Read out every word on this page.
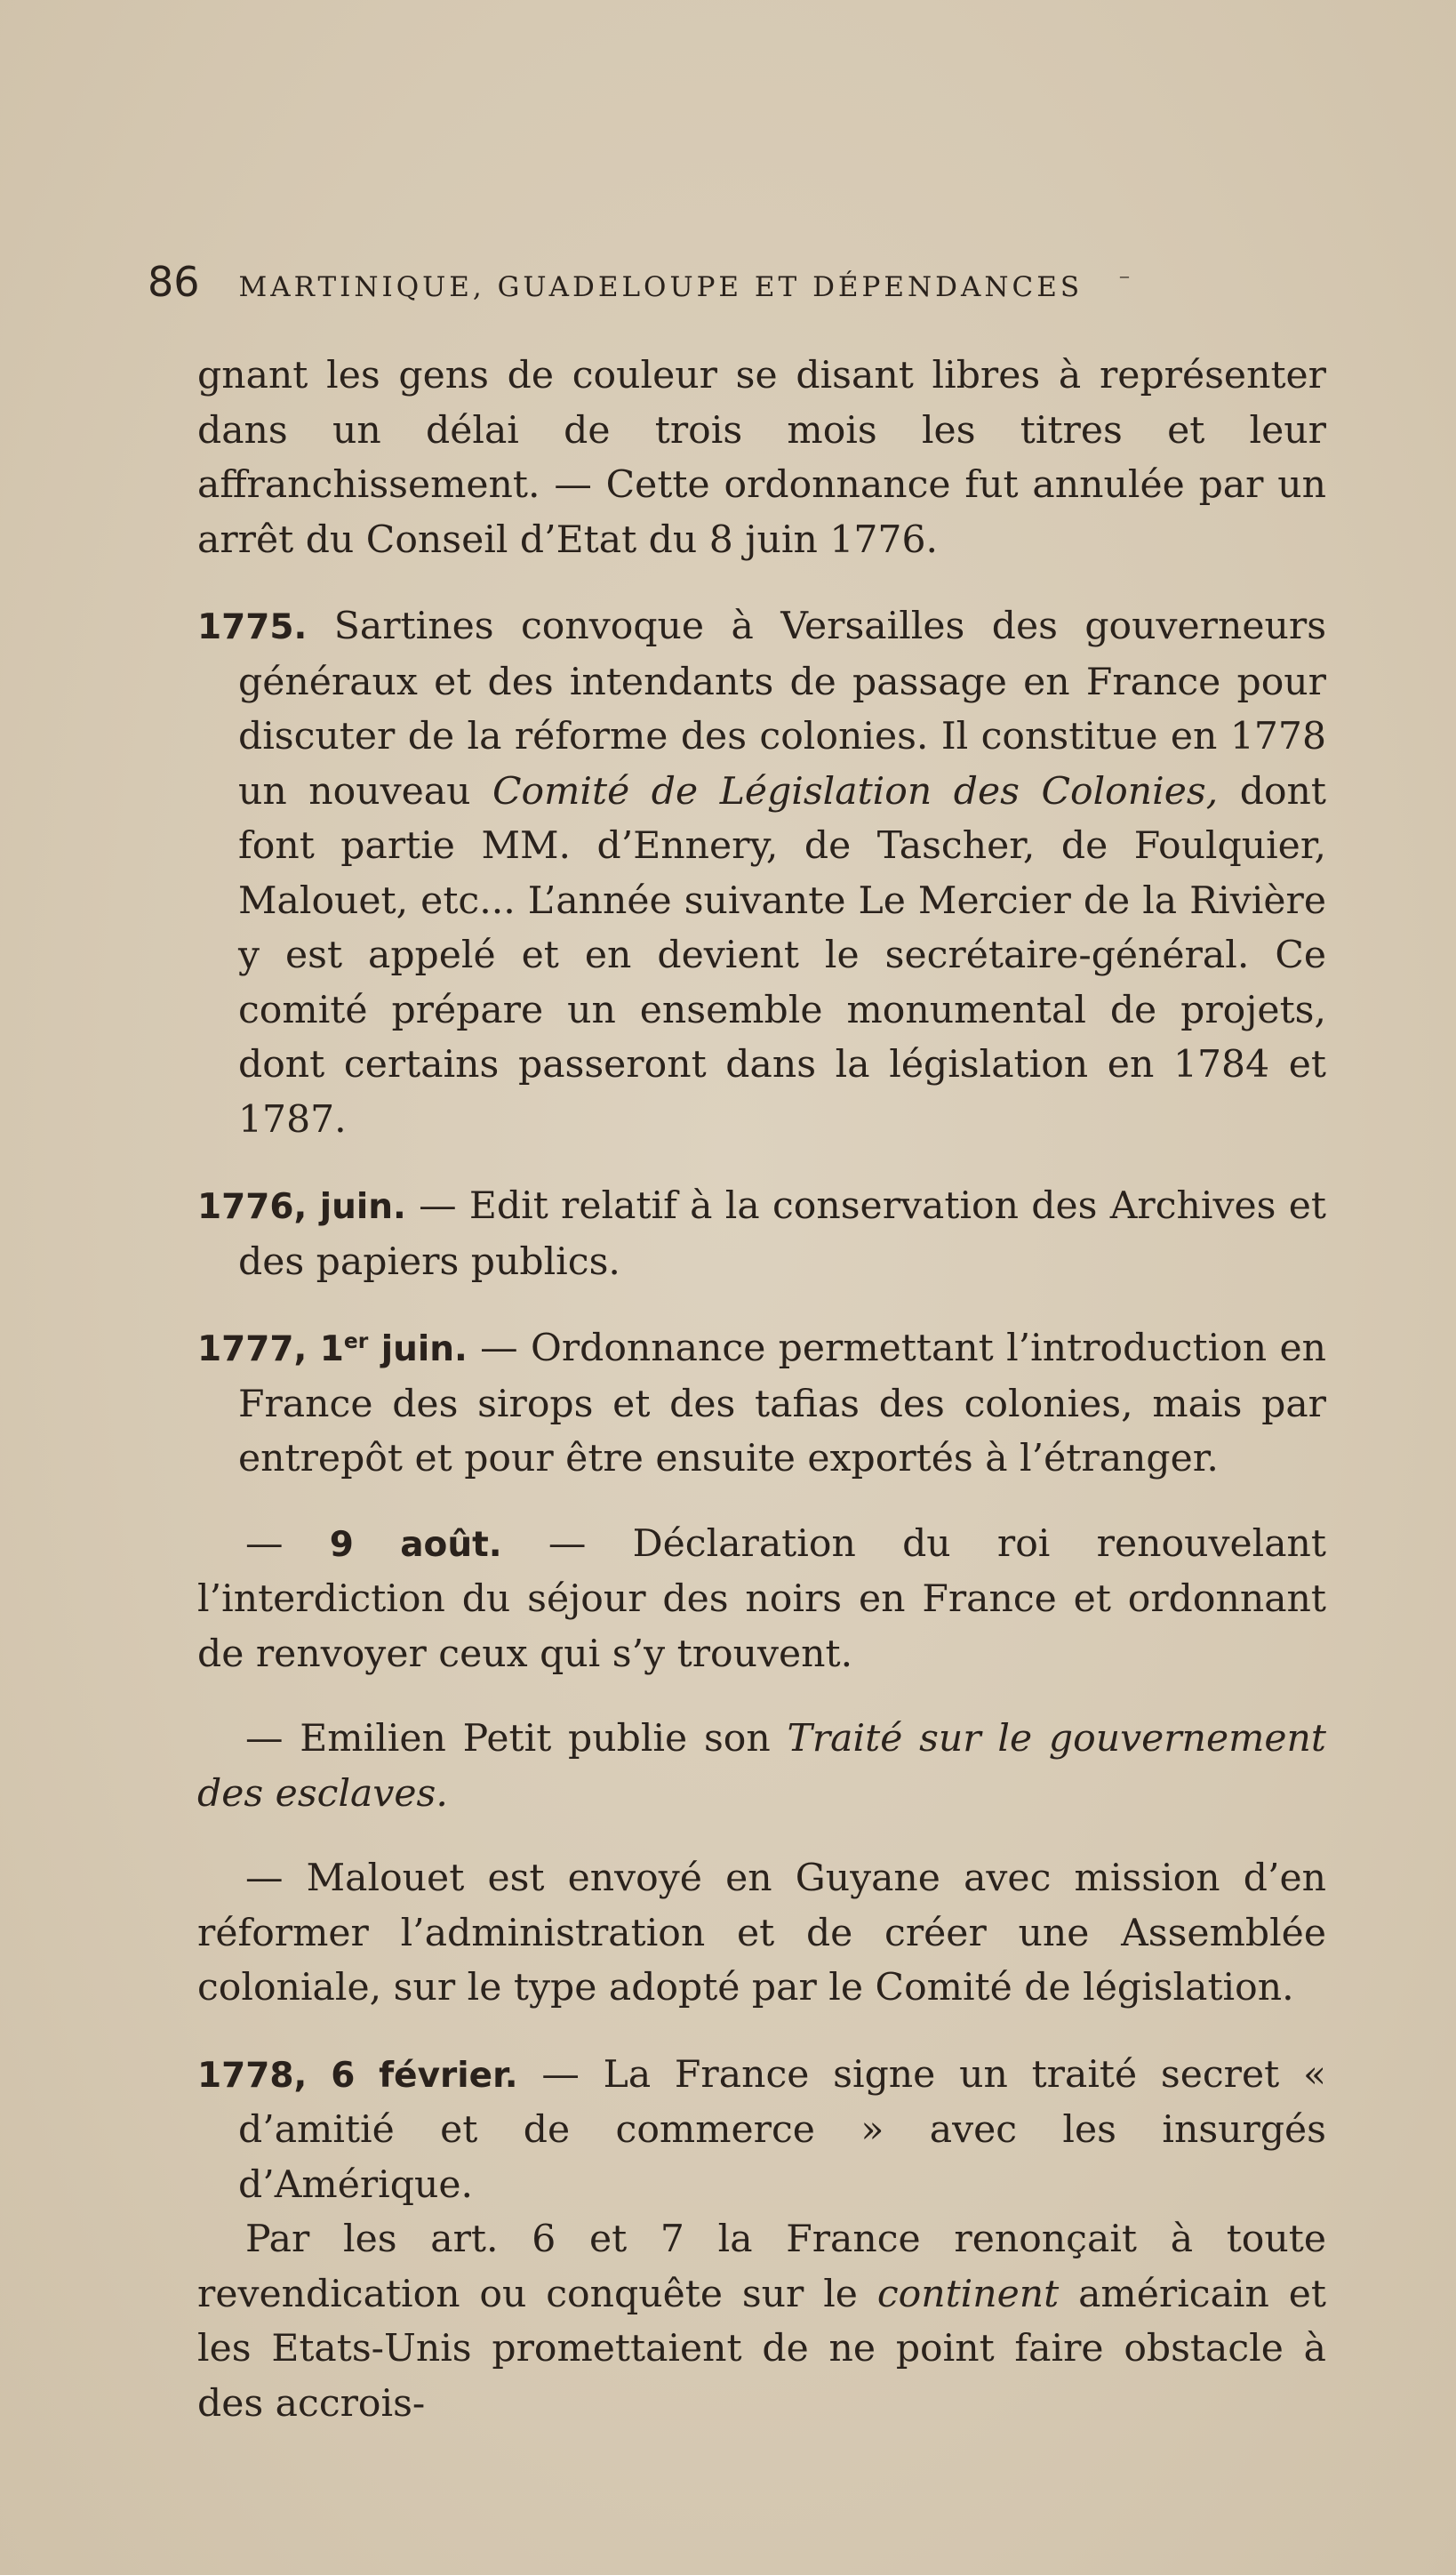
86 MARTINIQUE, GUADELOUPE ET DÉPENDANCES ⁻

gnant les gens de couleur se disant libres à représenter dans un délai de trois mois les titres et leur affranchissement. — Cette ordonnance fut annulée par un arrêt du Conseil d’Etat du 8 juin 1776.

1775. Sartines convoque à Versailles des gouverneurs généraux et des intendants de passage en France pour discuter de la réforme des colonies. Il constitue en 1778 un nouveau Comité de Législation des Colonies, dont font partie MM. d’Ennery, de Tascher, de Foulquier, Malouet, etc... L’année suivante Le Mercier de la Rivière y est appelé et en devient le secrétaire-général. Ce comité prépare un ensemble monumental de projets, dont certains passeront dans la législation en 1784 et 1787.

1776, juin. — Edit relatif à la conservation des Archives et des papiers publics.

1777, 1er juin. — Ordonnance permettant l’introduction en France des sirops et des tafias des colonies, mais par entrepôt et pour être ensuite exportés à l’étranger.

— 9 août. — Déclaration du roi renouvelant l’interdiction du séjour des noirs en France et ordonnant de renvoyer ceux qui s’y trouvent.

— Emilien Petit publie son Traité sur le gouvernement des esclaves.

— Malouet est envoyé en Guyane avec mission d’en réformer l’administration et de créer une Assemblée coloniale, sur le type adopté par le Comité de législation.

1778, 6 février. — La France signe un traité secret « d’amitié et de commerce » avec les insurgés d’Amérique.

Par les art. 6 et 7 la France renonçait à toute revendication ou conquête sur le continent américain et les Etats-Unis promettaient de ne point faire obstacle à des accrois-
